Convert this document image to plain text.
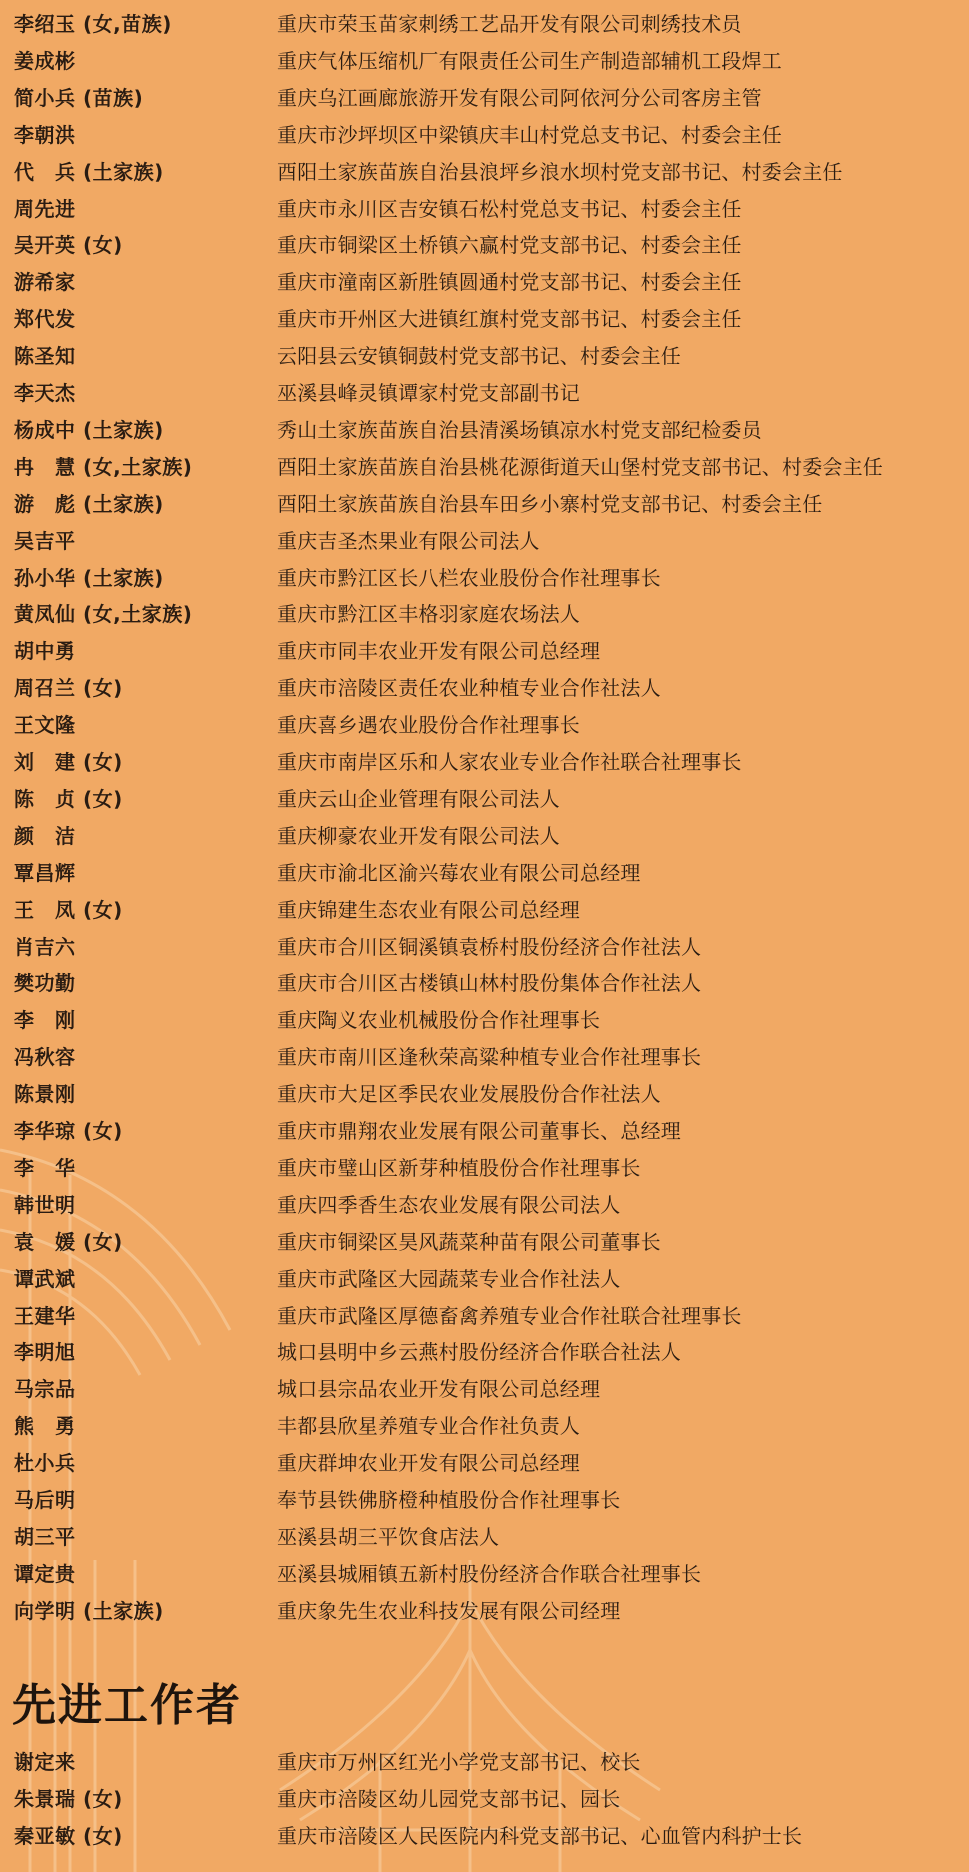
李绍玉 (女,苗族)	重庆市荣玉苗家刺绣工艺品开发有限公司刺绣技术员
姜成彬	重庆气体压缩机厂有限责任公司生产制造部辅机工段焊工
简小兵 (苗族)	重庆乌江画廊旅游开发有限公司阿依河分公司客房主管
李朝洪	重庆市沙坪坝区中梁镇庆丰山村党总支书记、村委会主任
代　兵 (土家族)	酉阳土家族苗族自治县浪坪乡浪水坝村党支部书记、村委会主任
周先进	重庆市永川区吉安镇石松村党总支书记、村委会主任
吴开英 (女)	重庆市铜梁区土桥镇六赢村党支部书记、村委会主任
游希家	重庆市潼南区新胜镇圆通村党支部书记、村委会主任
郑代发	重庆市开州区大进镇红旗村党支部书记、村委会主任
陈圣知	云阳县云安镇铜鼓村党支部书记、村委会主任
李天杰	巫溪县峰灵镇谭家村党支部副书记
杨成中 (土家族)	秀山土家族苗族自治县清溪场镇凉水村党支部纪检委员
冉　慧 (女,土家族)	酉阳土家族苗族自治县桃花源街道天山堡村党支部书记、村委会主任
游　彪 (土家族)	酉阳土家族苗族自治县车田乡小寨村党支部书记、村委会主任
吴吉平	重庆吉圣杰果业有限公司法人
孙小华 (土家族)	重庆市黔江区长八栏农业股份合作社理事长
黄凤仙 (女,土家族)	重庆市黔江区丰格羽家庭农场法人
胡中勇	重庆市同丰农业开发有限公司总经理
周召兰 (女)	重庆市涪陵区责任农业种植专业合作社法人
王文隆	重庆喜乡遇农业股份合作社理事长
刘　建 (女)	重庆市南岸区乐和人家农业专业合作社联合社理事长
陈　贞 (女)	重庆云山企业管理有限公司法人
颜　洁	重庆柳豪农业开发有限公司法人
覃昌辉	重庆市渝北区渝兴莓农业有限公司总经理
王　凤 (女)	重庆锦建生态农业有限公司总经理
肖吉六	重庆市合川区铜溪镇袁桥村股份经济合作社法人
樊功勤	重庆市合川区古楼镇山林村股份集体合作社法人
李　刚	重庆陶义农业机械股份合作社理事长
冯秋容	重庆市南川区逢秋荣高粱种植专业合作社理事长
陈景刚	重庆市大足区季民农业发展股份合作社法人
李华琼 (女)	重庆市鼎翔农业发展有限公司董事长、总经理
李　华	重庆市璧山区新芽种植股份合作社理事长
韩世明	重庆四季香生态农业发展有限公司法人
袁　媛 (女)	重庆市铜梁区昊风蔬菜种苗有限公司董事长
谭武斌	重庆市武隆区大园蔬菜专业合作社法人
王建华	重庆市武隆区厚德畜禽养殖专业合作社联合社理事长
李明旭	城口县明中乡云燕村股份经济合作联合社法人
马宗品	城口县宗品农业开发有限公司总经理
熊　勇	丰都县欣星养殖专业合作社负责人
杜小兵	重庆群坤农业开发有限公司总经理
马后明	奉节县铁佛脐橙种植股份合作社理事长
胡三平	巫溪县胡三平饮食店法人
谭定贵	巫溪县城厢镇五新村股份经济合作联合社理事长
向学明 (土家族)	重庆象先生农业科技发展有限公司经理
先进工作者
谢定来	重庆市万州区红光小学党支部书记、校长
朱景瑞 (女)	重庆市涪陵区幼儿园党支部书记、园长
秦亚敏 (女)	重庆市涪陵区人民医院内科党支部书记、心血管内科护士长
